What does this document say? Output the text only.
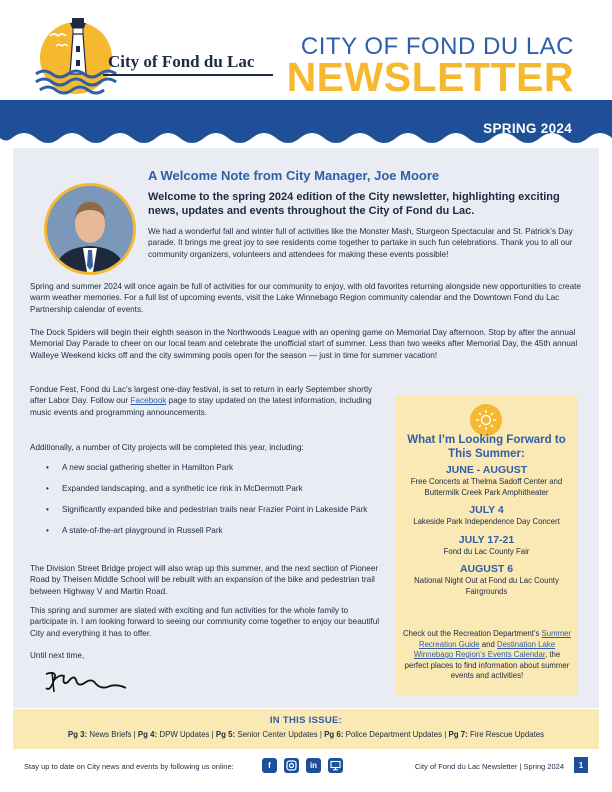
City of Fond du Lac
CITY OF FOND DU LAC
NEWSLETTER
SPRING 2024
A Welcome Note from City Manager, Joe Moore
Welcome to the spring 2024 edition of the City newsletter, highlighting exciting news, updates and events throughout the City of Fond du Lac.
We had a wonderful fall and winter full of activities like the Monster Mash, Sturgeon Spectacular and St. Patrick’s Day parade. It brings me great joy to see residents come together to partake in such fun celebrations. Thank you to all our community organizers, volunteers and attendees for making these events possible!
Spring and summer 2024 will once again be full of activities for our community to enjoy, with old favorites returning alongside new opportunities to create warm weather memories. For a full list of upcoming events, visit the Lake Winnebago Region community calendar and the Downtown Fond du Lac Partnership calendar of events.
The Dock Spiders will begin their eighth season in the Northwoods League with an opening game on Memorial Day afternoon. Stop by after the annual Memorial Day Parade to cheer on our local team and celebrate the unofficial start of summer. Less than two weeks after Memorial Day, the 45th annual Walleye Weekend kicks off and the city swimming pools open for the season — just in time for summer vacation!
Fondue Fest, Fond du Lac’s largest one-day festival, is set to return in early September shortly after Labor Day. Follow our Facebook page to stay updated on the latest information, including music events and programming announcements.
Additionally, a number of City projects will be completed this year, including:
• A new social gathering shelter in Hamilton Park
• Expanded landscaping, and a synthetic ice rink in McDermott Park
• Significantly expanded bike and pedestrian trails near Frazier Point in Lakeside Park
• A state-of-the-art playground in Russell Park
The Division Street Bridge project will also wrap up this summer, and the next section of Pioneer Road by Theisen Middle School will be rebuilt with an expansion of the bike and pedestrian trail between Highway V and Martin Road.
This spring and summer are slated with exciting and fun activities for the whole family to participate in. I am looking forward to seeing our community come together to enjoy our beautiful City and everything it has to offer.
Until next time,
What I’m Looking Forward to This Summer:
JUNE - AUGUST
Free Concerts at Thelma Sadoff Center and Buttermilk Creek Park Amphitheater
JULY 4
Lakeside Park Independence Day Concert
JULY 17-21
Fond du Lac County Fair
AUGUST 6
National Night Out at Fond du Lac County Fairgrounds
Check out the Recreation Department’s Summer Recreation Guide and Destination Lake Winnebago Region’s Events Calendar, the perfect places to find information about summer events and activities!
IN THIS ISSUE:
Pg 3: News Briefs | Pg 4: DPW Updates | Pg 5: Senior Center Updates | Pg 6: Police Department Updates | Pg 7: Fire Rescue Updates
Stay up to date on City news and events by following us online:	f	in	City of Fond du Lac Newsletter | Spring 2024	1
